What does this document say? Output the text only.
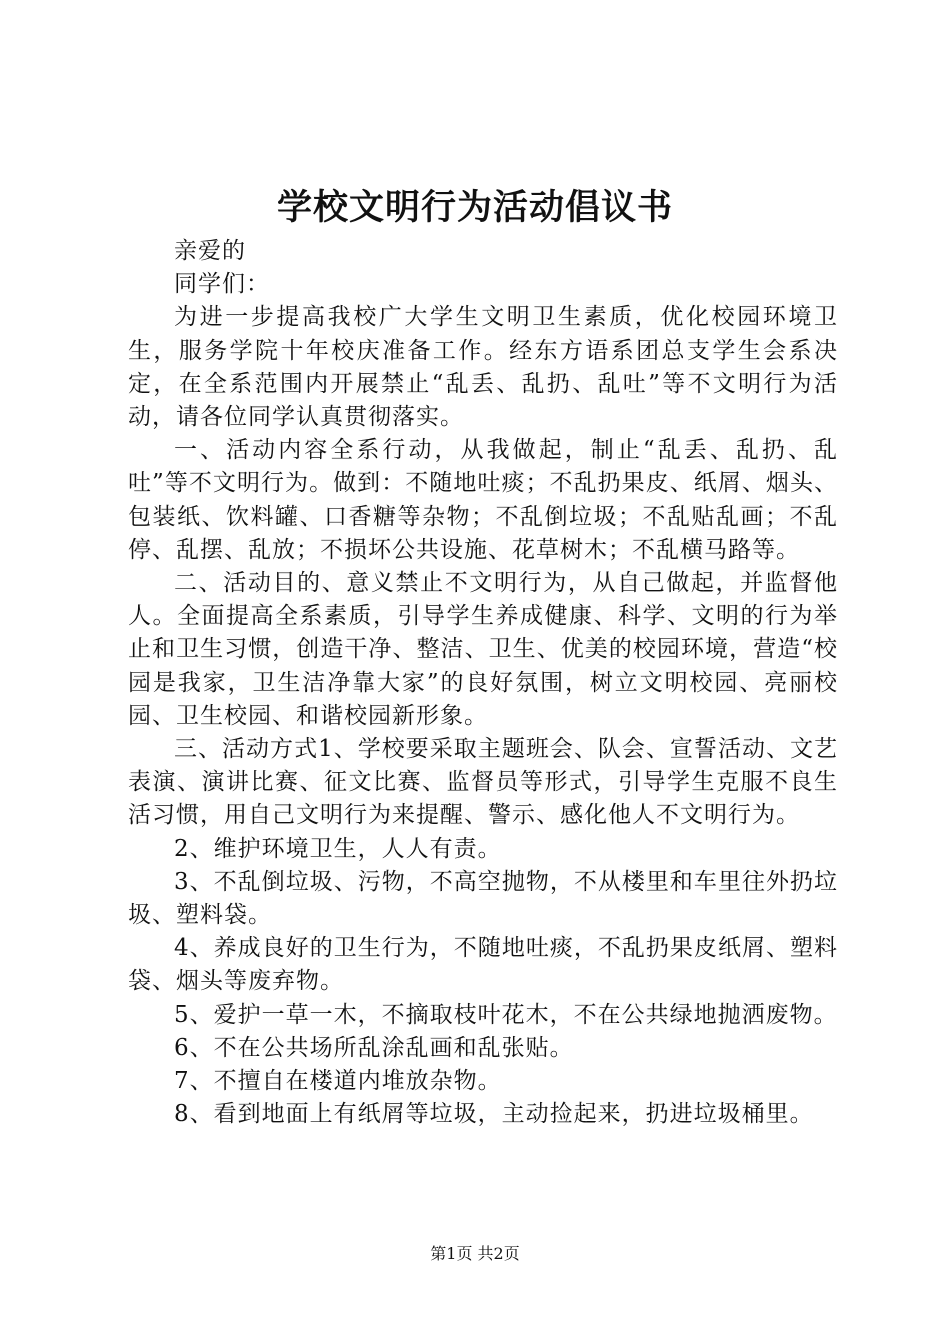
学校文明行为活动倡议书

亲爱的

同学们：

为进一步提高我校广大学生文明卫生素质，优化校园环境卫生，服务学院十年校庆准备工作。经东方语系团总支学生会系决定，在全系范围内开展禁止“乱丢、乱扔、乱吐”等不文明行为活动，请各位同学认真贯彻落实。

一、活动内容全系行动，从我做起，制止“乱丢、乱扔、乱吐”等不文明行为。做到：不随地吐痰；不乱扔果皮、纸屑、烟头、包装纸、饮料罐、口香糖等杂物；不乱倒垃圾；不乱贴乱画；不乱停、乱摆、乱放；不损坏公共设施、花草树木；不乱横马路等。

二、活动目的、意义禁止不文明行为，从自己做起，并监督他人。全面提高全系素质，引导学生养成健康、科学、文明的行为举止和卫生习惯，创造干净、整洁、卫生、优美的校园环境，营造“校园是我家，卫生洁净靠大家”的良好氛围，树立文明校园、亮丽校园、卫生校园、和谐校园新形象。

三、活动方式1、学校要采取主题班会、队会、宣誓活动、文艺表演、演讲比赛、征文比赛、监督员等形式，引导学生克服不良生活习惯，用自己文明行为来提醒、警示、感化他人不文明行为。

2、维护环境卫生，人人有责。

3、不乱倒垃圾、污物，不高空抛物，不从楼里和车里往外扔垃圾、塑料袋。

4、养成良好的卫生行为，不随地吐痰，不乱扔果皮纸屑、塑料袋、烟头等废弃物。

5、爱护一草一木，不摘取枝叶花木，不在公共绿地抛洒废物。

6、不在公共场所乱涂乱画和乱张贴。

7、不擅自在楼道内堆放杂物。

8、看到地面上有纸屑等垃圾，主动捡起来，扔进垃圾桶里。

第1页 共2页
